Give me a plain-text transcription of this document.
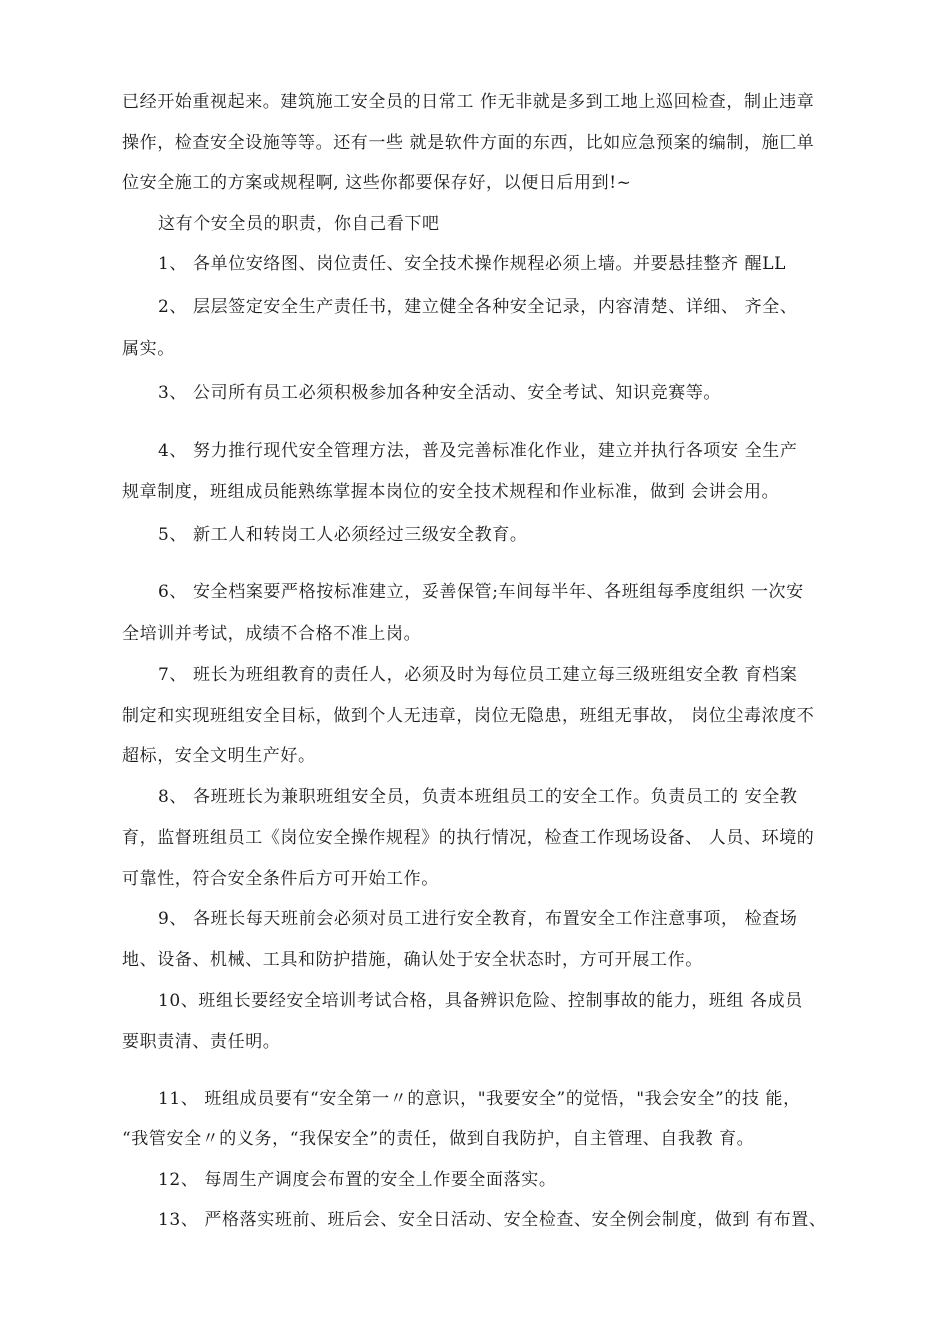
已经开始重视起来。建筑施工安全员的日常工 作无非就是多到工地上巡回检查，制止违章
操作，检查安全设施等等。还有一些 就是软件方面的东西，比如应急预案的编制，施匚单
位安全施工的方案或规程啊, 这些你都要保存好，以便日后用到!~
这有个安全员的职责，你自己看下吧
1、 各单位安络图、岗位责任、安全技术操作规程必须上墙。并要悬挂整齐 醒LL
2、 层层签定安全生产责任书，建立健全各种安全记录，内容清楚、详细、 齐全、
属实。
3、 公司所有员工必须积极参加各种安全活动、安全考试、知识竞赛等。
4、 努力推行现代安全管理方法，普及完善标准化作业，建立并执行各项安 全生产
规章制度，班组成员能熟练掌握本岗位的安全技术规程和作业标准，做到 会讲会用。
5、 新工人和转岗工人必须经过三级安全教育。
6、 安全档案要严格按标准建立，妥善保管;车间每半年、各班组每季度组织 一次安
全培训并考试，成绩不合格不准上岗。
7、 班长为班组教育的责任人，必须及时为每位员工建立每三级班组安全教 育档案
制定和实现班组安全目标，做到个人无违章，岗位无隐患，班组无事故， 岗位尘毒浓度不
超标，安全文明生产好。
8、 各班班长为兼职班组安全员，负责本班组员工的安全工作。负责员工的 安全教
育，监督班组员工《岗位安全操作规程》的执行情况，检查工作现场设备、 人员、环境的
可靠性，符合安全条件后方可开始工作。
9、 各班长每天班前会必须对员工进行安全教育，布置安全工作注意事项， 检查场
地、设备、机械、工具和防护措施，确认处于安全状态时，方可开展工作。
10、班组长要经安全培训考试合格，具备辨识危险、控制事故的能力，班组 各成员
要职责清、责任明。
11、 班组成员要有“安全第一〃的意识，"我要安全”的觉悟，"我会安全”的技 能，
“我管安全〃的义务，“我保安全”的责任，做到自我防护，自主管理、自我教 育。
12、 每周生产调度会布置的安全丄作要全面落实。
13、 严格落实班前、班后会、安全日活动、安全检查、安全例会制度，做到 有布置、
